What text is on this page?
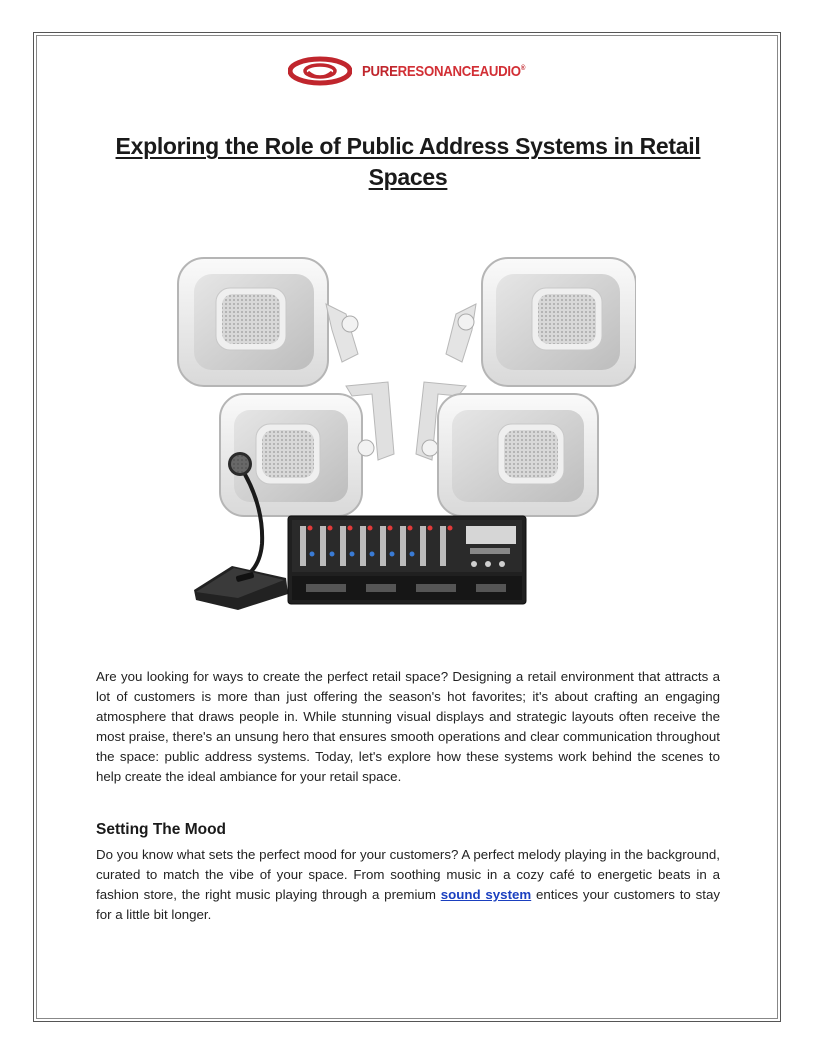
PURERESONANCEAUDIO®
Exploring the Role of Public Address Systems in Retail Spaces

Are you looking for ways to create the perfect retail space? Designing a retail environment that attracts a lot of customers is more than just offering the season's hot favorites; it's about crafting an engaging atmosphere that draws people in. While stunning visual displays and strategic layouts often receive the most praise, there's an unsung hero that ensures smooth operations and clear communication throughout the space: public address systems. Today, let's explore how these systems work behind the scenes to help create the ideal ambiance for your retail space.

Setting The Mood

Do you know what sets the perfect mood for your customers? A perfect melody playing in the background, curated to match the vibe of your space. From soothing music in a cozy café to energetic beats in a fashion store, the right music playing through a premium sound system entices your customers to stay for a little bit longer.
